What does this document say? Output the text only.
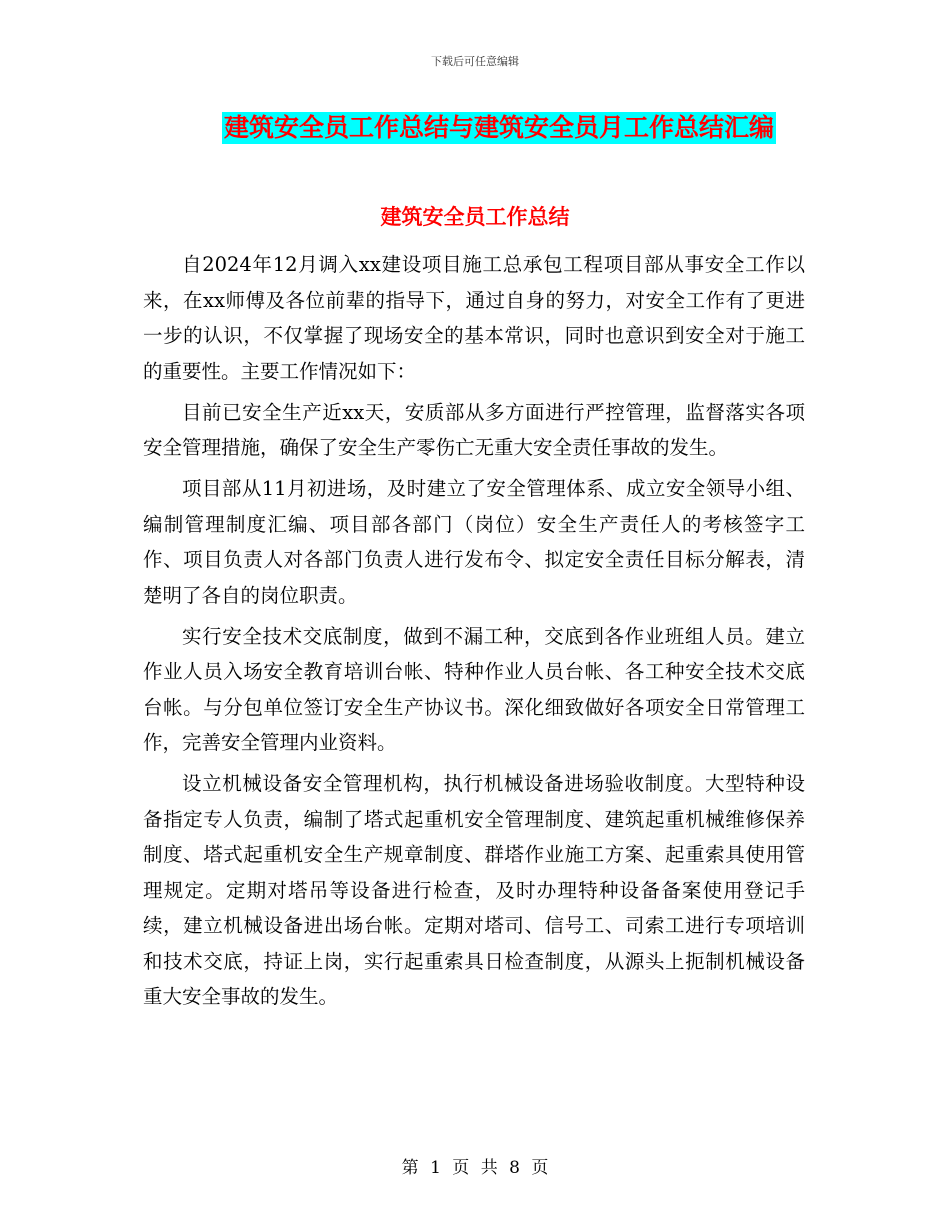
下载后可任意编辑
建筑安全员工作总结与建筑安全员月工作总结汇编
建筑安全员工作总结

自2024年12月调入xx建设项目施工总承包工程项目部从事安全工作以来，在xx师傅及各位前辈的指导下，通过自身的努力，对安全工作有了更进一步的认识，不仅掌握了现场安全的基本常识，同时也意识到安全对于施工的重要性。主要工作情况如下：

目前已安全生产近xx天，安质部从多方面进行严控管理，监督落实各项安全管理措施，确保了安全生产零伤亡无重大安全责任事故的发生。

项目部从11月初进场，及时建立了安全管理体系、成立安全领导小组、编制管理制度汇编、项目部各部门（岗位）安全生产责任人的考核签字工作、项目负责人对各部门负责人进行发布令、拟定安全责任目标分解表，清楚明了各自的岗位职责。

实行安全技术交底制度，做到不漏工种，交底到各作业班组人员。建立作业人员入场安全教育培训台帐、特种作业人员台帐、各工种安全技术交底台帐。与分包单位签订安全生产协议书。深化细致做好各项安全日常管理工作，完善安全管理内业资料。

设立机械设备安全管理机构，执行机械设备进场验收制度。大型特种设备指定专人负责，编制了塔式起重机安全管理制度、建筑起重机械维修保养制度、塔式起重机安全生产规章制度、群塔作业施工方案、起重索具使用管理规定。定期对塔吊等设备进行检查，及时办理特种设备备案使用登记手续，建立机械设备进出场台帐。定期对塔司、信号工、司索工进行专项培训和技术交底，持证上岗，实行起重索具日检查制度，从源头上扼制机械设备重大安全事故的发生。

第 1 页 共 8 页
